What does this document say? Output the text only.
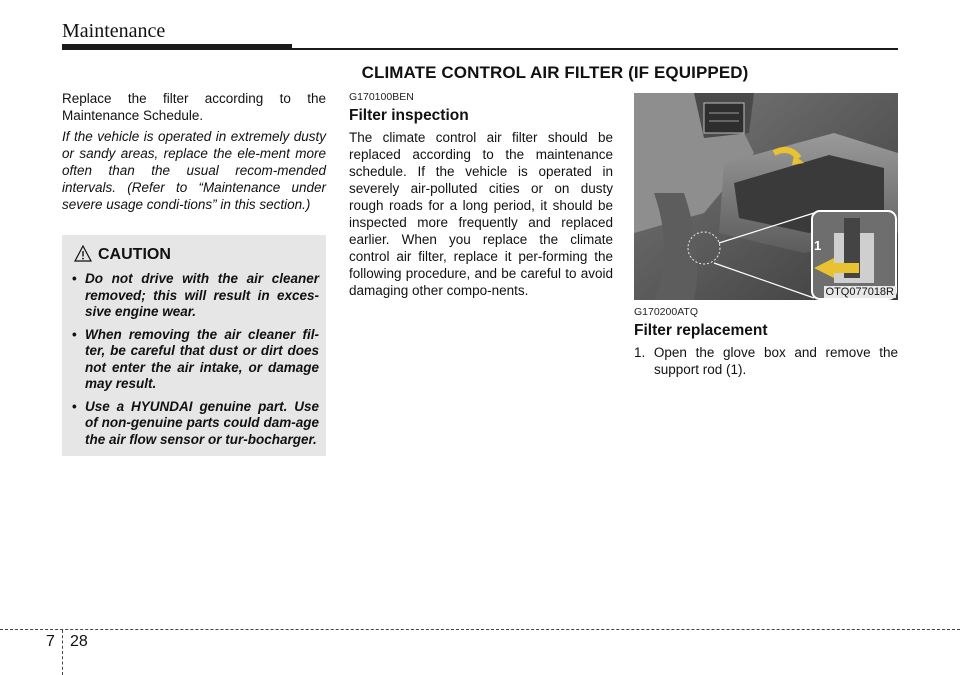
Maintenance
CLIMATE CONTROL AIR FILTER (IF EQUIPPED)

Replace the filter according to the Maintenance Schedule.

If the vehicle is operated in extremely dusty or sandy areas, replace the ele-ment more often than the usual recom-mended intervals. (Refer to “Maintenance under severe usage condi-tions” in this section.)

CAUTION
• Do not drive with the air cleaner removed; this will result in exces-sive engine wear.
• When removing the air cleaner fil-ter, be careful that dust or dirt does not enter the air intake, or damage may result.
• Use a HYUNDAI genuine part. Use of non-genuine parts could dam-age the air flow sensor or tur-bocharger.

G170100BEN

Filter inspection

The climate control air filter should be replaced according to the maintenance schedule. If the vehicle is operated in severely air-polluted cities or on dusty rough roads for a long period, it should be inspected more frequently and replaced earlier. When you replace the climate control air filter, replace it per-forming the following procedure, and be careful to avoid damaging other compo-nents.	OTQ077018R
1

G170200ATQ

Filter replacement

1. Open the glove box and remove the support rod (1).

7 28
